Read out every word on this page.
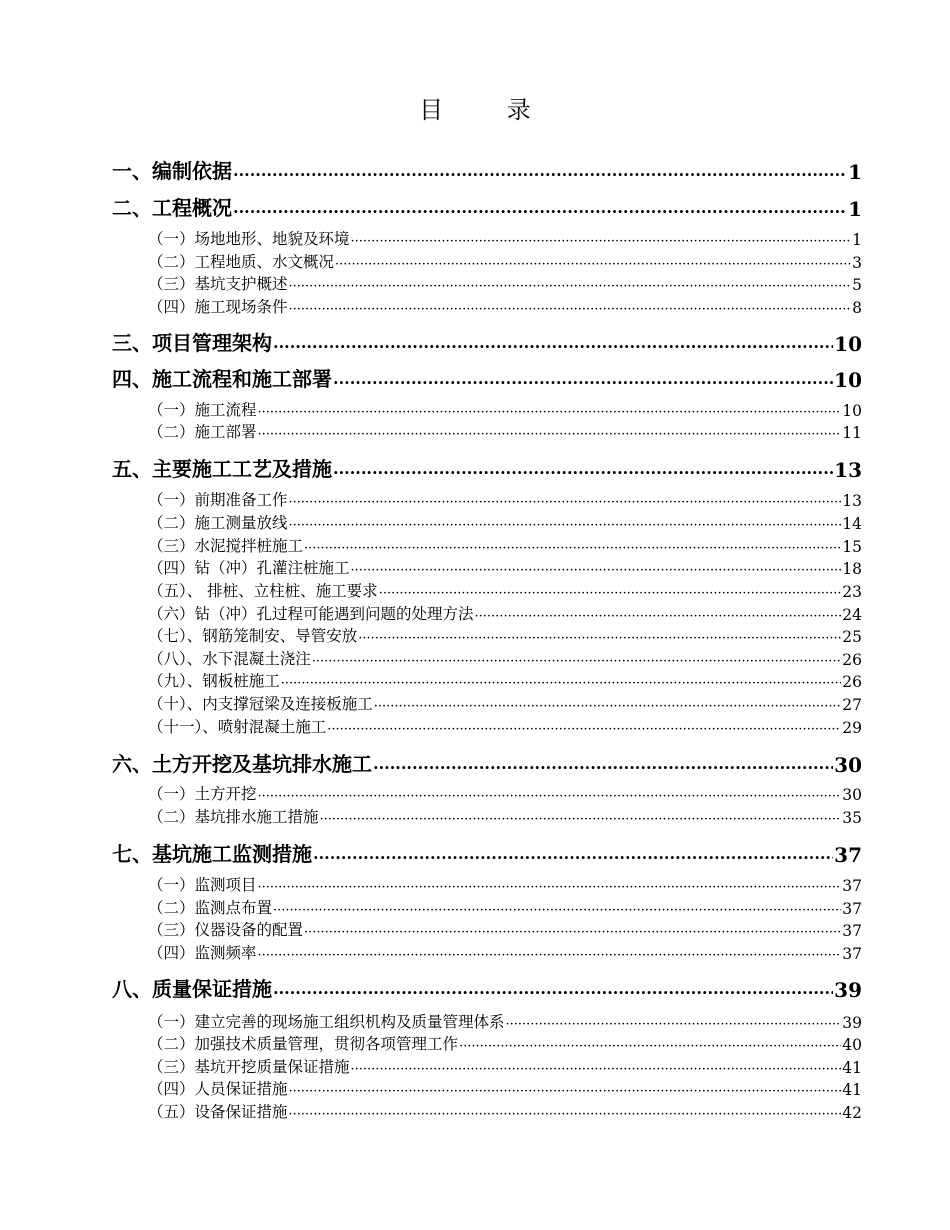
目 录
一、编制依据 ·····	1
二、工程概况 ·····	1
（一）场地地形、地貌及环境 ·····	1
（二）工程地质、水文概况 ·····	3
（三）基坑支护概述 ·····	5
（四）施工现场条件 ·····	8
三、项目管理架构 ·····	10
四、施工流程和施工部署 ·····	10
（一）施工流程 ·····	10
（二）施工部署 ·····	11
五、主要施工工艺及措施 ·····	13
（一）前期准备工作 ·····	13
（二）施工测量放线 ·····	14
（三）水泥搅拌桩施工 ·····	15
（四）钻（冲）孔灌注桩施工 ·····	18
（五）、 排桩、立柱桩、施工要求 ·····	23
（六）钻（冲）孔过程可能遇到问题的处理方法 ·····	24
（七）、钢筋笼制安、导管安放 ·····	25
（八）、水下混凝土浇注 ·····	26
（九）、钢板桩施工 ·····	26
（十）、内支撑冠梁及连接板施工 ·····	27
（十一）、喷射混凝土施工 ·····	29
六、土方开挖及基坑排水施工 ·····	30
（一）土方开挖 ·····	30
（二）基坑排水施工措施 ·····	35
七、基坑施工监测措施 ·····	37
（一）监测项目 ·····	37
（二）监测点布置 ·····	37
（三）仪器设备的配置 ·····	37
（四）监测频率 ·····	37
八、质量保证措施 ·····	39
（一）建立完善的现场施工组织机构及质量管理体系 ·····	39
（二）加强技术质量管理，贯彻各项管理工作 ·····	40
（三）基坑开挖质量保证措施 ·····	41
（四）人员保证措施 ·····	41
（五）设备保证措施 ·····	42
